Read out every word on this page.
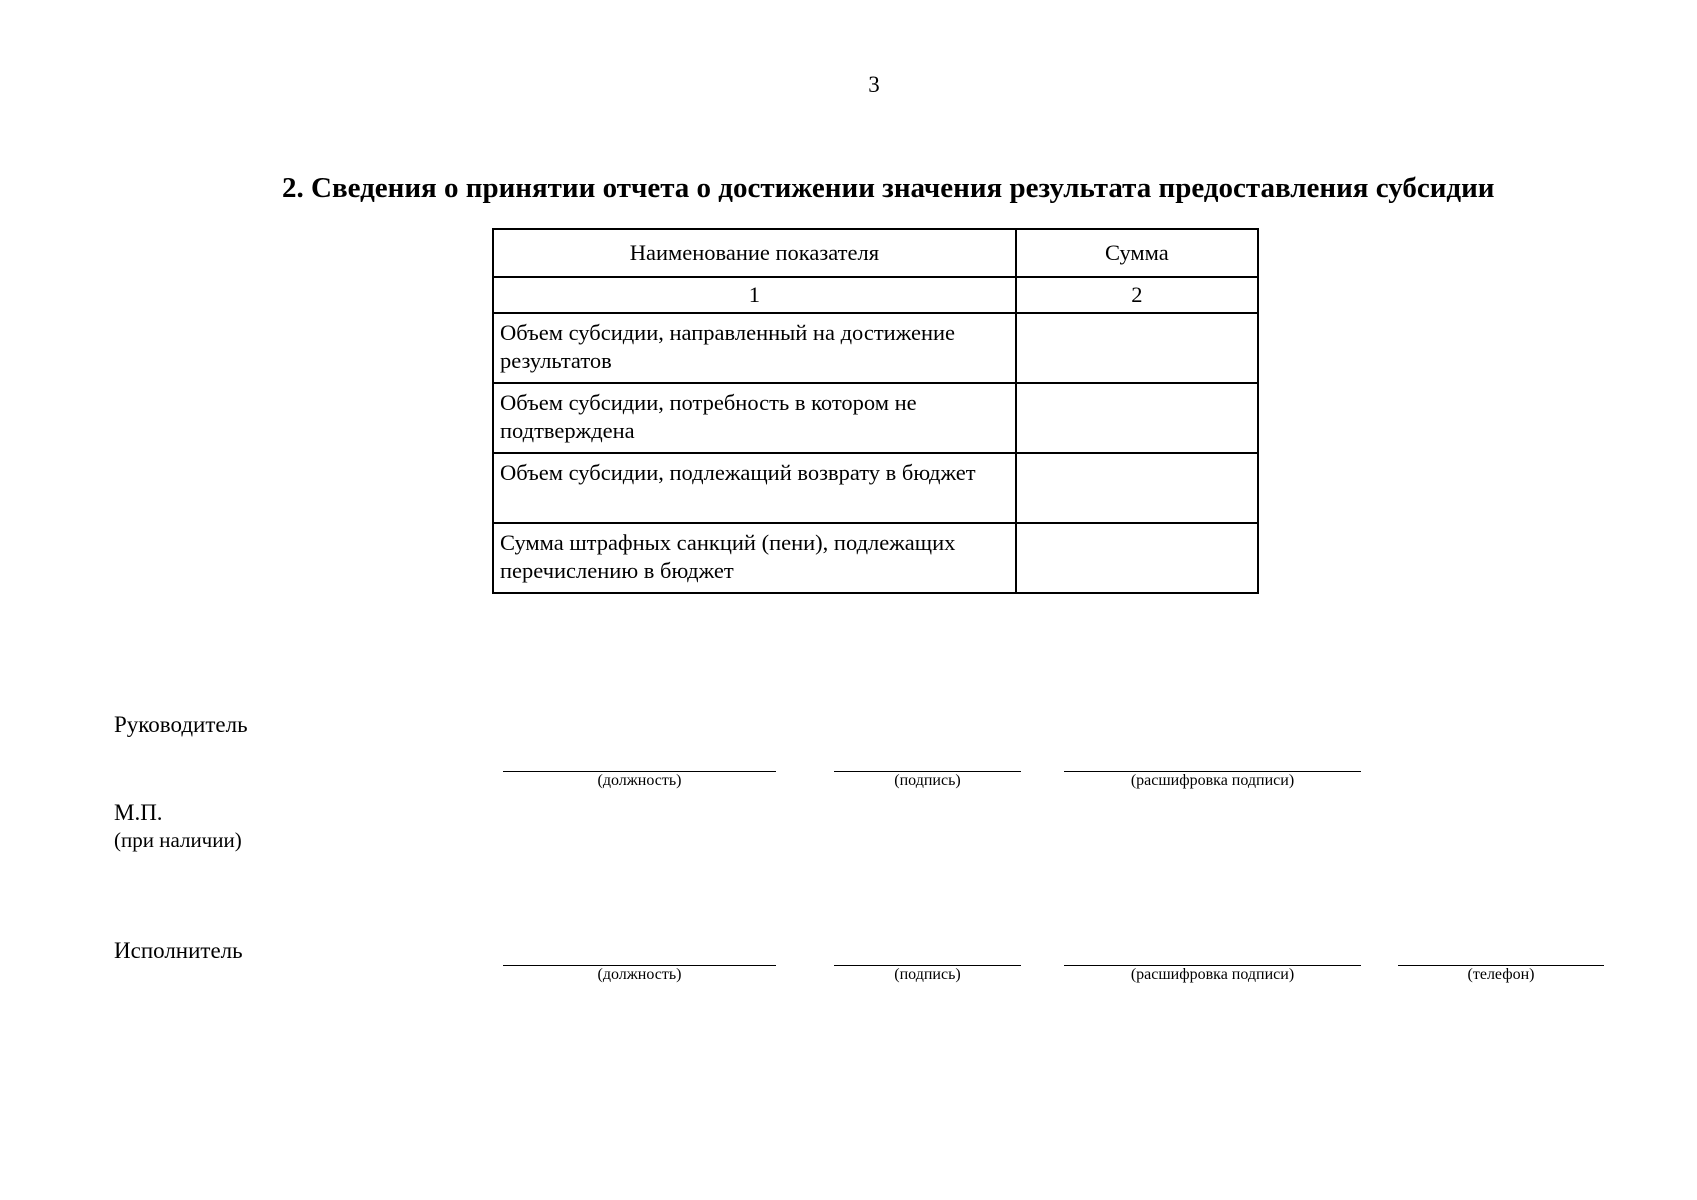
3
2. Сведения о принятии отчета о достижении значения результата предоставления субсидии
Наименование показателя	Сумма
1	2
Объем субсидии, направленный на достижение результатов	
Объем субсидии, потребность в котором не подтверждена	
Объем субсидии, подлежащий возврату в бюджет	
Сумма штрафных санкций (пени), подлежащих перечислению в бюджет	
Руководитель
(должность)	(подпись)	(расшифровка подписи)
М.П.
(при наличии)
Исполнитель
(должность)	(подпись)	(расшифровка подписи)	(телефон)
